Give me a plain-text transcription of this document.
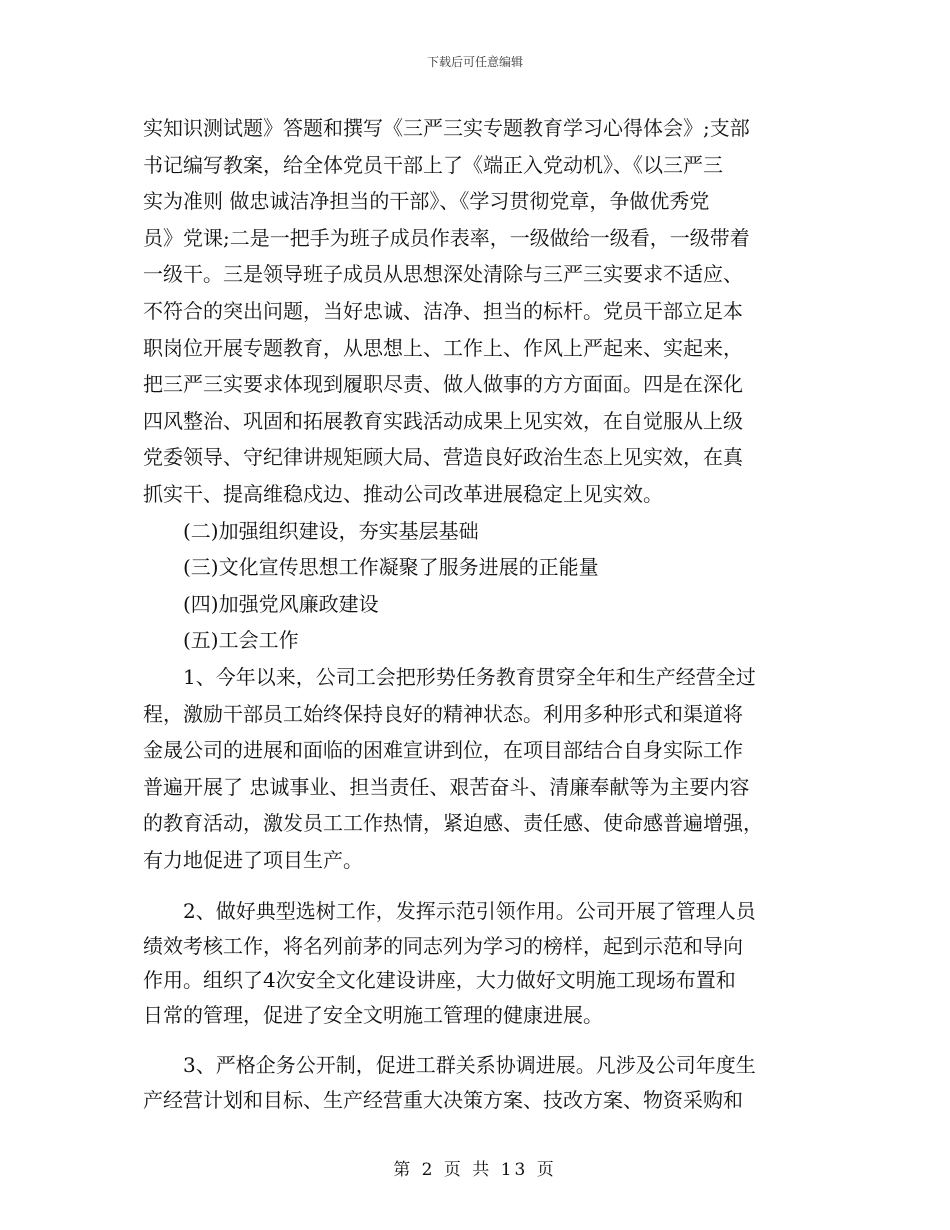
下载后可任意编辑
实知识测试题》答题和撰写《三严三实专题教育学习心得体会》;支部
书记编写教案，给全体党员干部上了《端正入党动机》、《以三严三
实为准则 做忠诚洁净担当的干部》、《学习贯彻党章，争做优秀党
员》党课;二是一把手为班子成员作表率，一级做给一级看，一级带着
一级干。三是领导班子成员从思想深处清除与三严三实要求不适应、
不符合的突出问题，当好忠诚、洁净、担当的标杆。党员干部立足本
职岗位开展专题教育，从思想上、工作上、作风上严起来、实起来，
把三严三实要求体现到履职尽责、做人做事的方方面面。四是在深化
四风整治、巩固和拓展教育实践活动成果上见实效，在自觉服从上级
党委领导、守纪律讲规矩顾大局、营造良好政治生态上见实效，在真
抓实干、提高维稳戍边、推动公司改革进展稳定上见实效。
　　(二)加强组织建设，夯实基层基础
　　(三)文化宣传思想工作凝聚了服务进展的正能量
　　(四)加强党风廉政建设
　　(五)工会工作
　　1、今年以来，公司工会把形势任务教育贯穿全年和生产经营全过
程，激励干部员工始终保持良好的精神状态。利用多种形式和渠道将
金晟公司的进展和面临的困难宣讲到位，在项目部结合自身实际工作
普遍开展了 忠诚事业、担当责任、艰苦奋斗、清廉奉献等为主要内容
的教育活动，激发员工工作热情，紧迫感、责任感、使命感普遍增强，
有力地促进了项目生产。
　　2、做好典型选树工作，发挥示范引领作用。公司开展了管理人员
绩效考核工作，将名列前茅的同志列为学习的榜样，起到示范和导向
作用。组织了4次安全文化建设讲座，大力做好文明施工现场布置和
日常的管理，促进了安全文明施工管理的健康进展。
　　3、严格企务公开制，促进工群关系协调进展。凡涉及公司年度生
产经营计划和目标、生产经营重大决策方案、技改方案、物资采购和
第 2 页 共 13 页
